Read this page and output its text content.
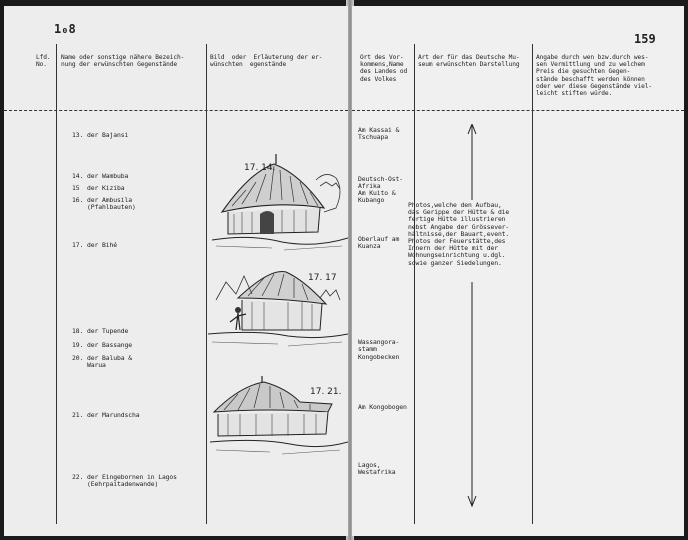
1₀8
Lfd.
No.
Name oder sonstige nähere Bezeich-
nung der erwünschten Gegenstände
Bild  oder  Erläuterung der er-
wünschten  egenstände
13. der Bajansi
14. der Wambuba
15  der Kiziba
16. der Ambusila
(Pfahlbauten)
17. der Bihé
18. der Tupende
19. der Bassange
20. der Baluba &
Warua
21. der Marundscha
22. der Eingebornen in Lagos
(Eehrpaitadenwande)
17. 14.
17. 17
17. 21.
159
Ort des Vor-
kommens,Name
des Landes od
des Volkes
Art der für das Deutsche Mu-
seum erwünschten Darstellung
Angabe durch wen bzw.durch wes-
sen Vermittlung und zu welchem
Preis die gesuchten Gegen-
stände beschafft werden können
oder wer diese Gegenstände viel-
leicht stiften würde.
Am Kassai &
Tschuapa
Deutsch-Ost-
Afrika
Am Kuito &
Kubango
Oberlauf am
Kuanza
Wassangora-
stamm
Kongobecken
Am Kongobogen
Lagos,
Westafrika
Photos,welche den Aufbau,
das Gerippe der Hütte & die
fertige Hütte illustrieren
nebst Angabe der Grössever-
hältnisse,der Bauart,event.
Photos der Feuerstätte,des
Innern der Hütte mit der
Wohnungseinrichtung u.dgl.
sowie ganzer Siedelungen.
